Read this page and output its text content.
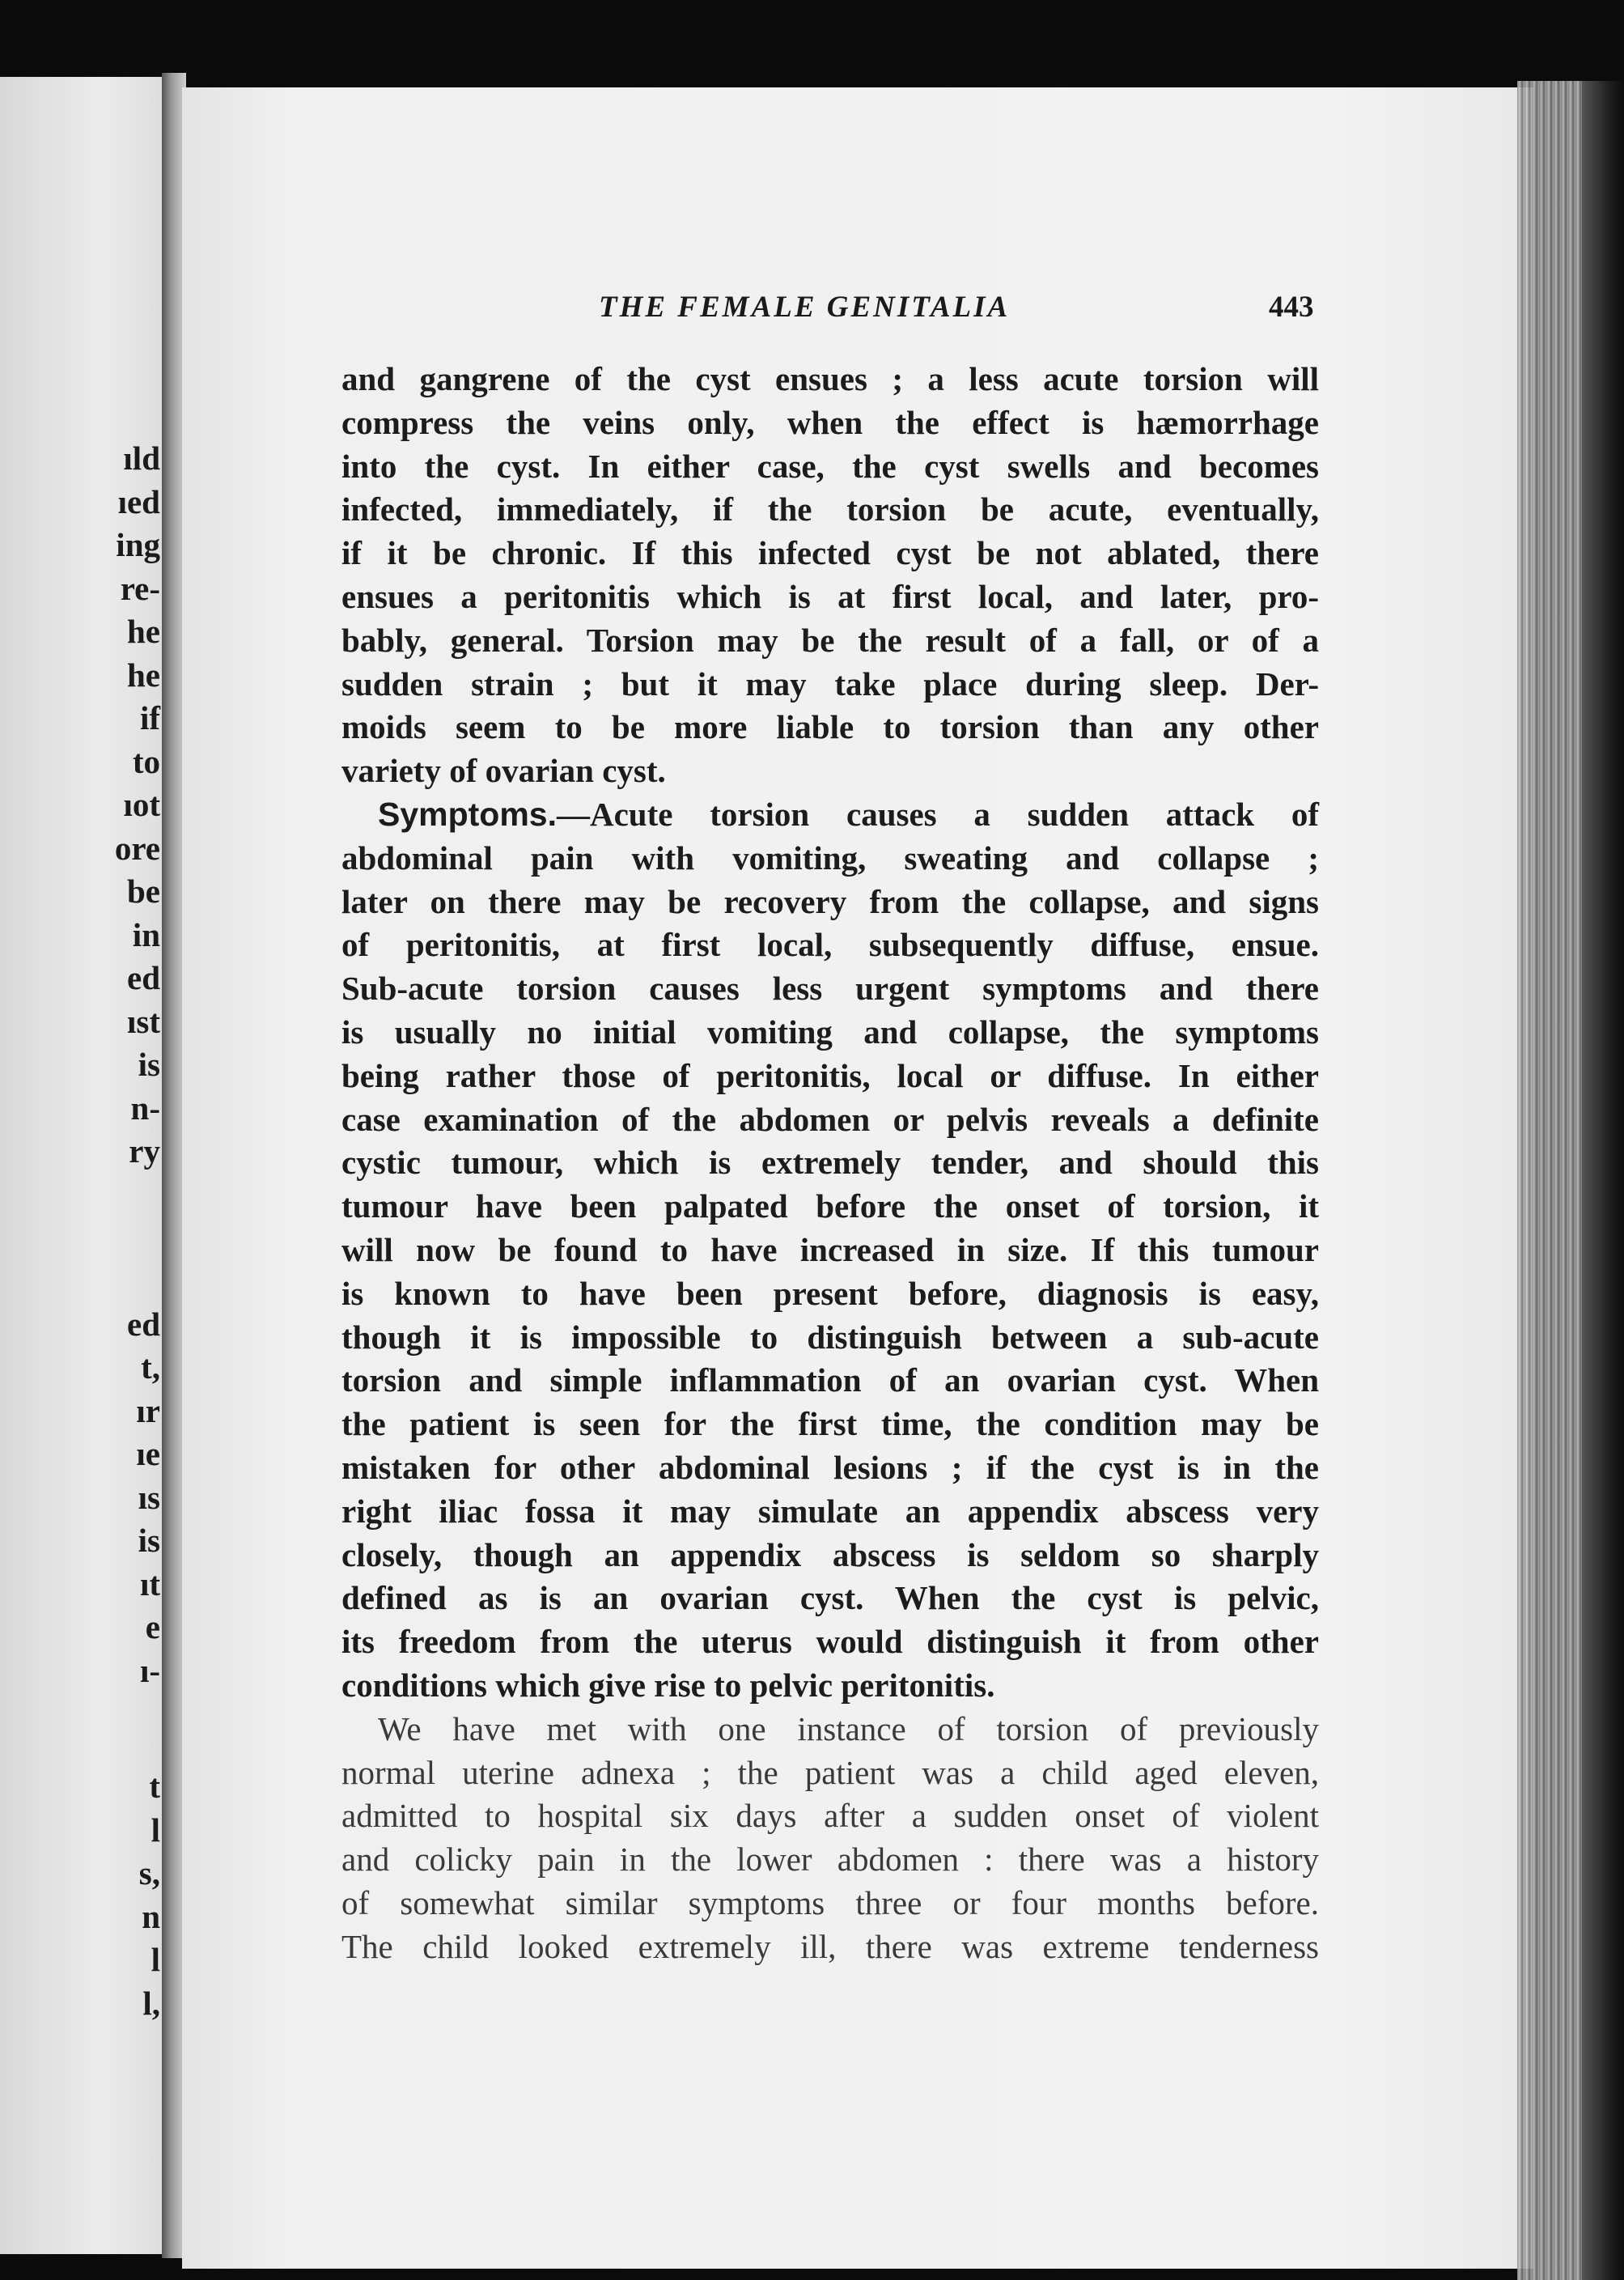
ıld
ıed
ing
re-
he
he
if
to
ıot
ore
be
in
ed
ıst
is
n-
ry
ed
t,
ır
ıe
ıs
is
ıt
e
ı-
t
l
s,
n
l
l,
THE FEMALE GENITALIA	443
and gangrene of the cyst ensues ; a less acute torsion will
compress the veins only, when the effect is hæmorrhage
into the cyst. In either case, the cyst swells and becomes
infected, immediately, if the torsion be acute, eventually,
if it be chronic. If this infected cyst be not ablated, there
ensues a peritonitis which is at first local, and later, pro-
bably, general. Torsion may be the result of a fall, or of a
sudden strain ; but it may take place during sleep. Der-
moids seem to be more liable to torsion than any other
variety of ovarian cyst.
Symptoms.—Acute torsion causes a sudden attack of
abdominal pain with vomiting, sweating and collapse ;
later on there may be recovery from the collapse, and signs
of peritonitis, at first local, subsequently diffuse, ensue.
Sub-acute torsion causes less urgent symptoms and there
is usually no initial vomiting and collapse, the symptoms
being rather those of peritonitis, local or diffuse. In either
case examination of the abdomen or pelvis reveals a definite
cystic tumour, which is extremely tender, and should this
tumour have been palpated before the onset of torsion, it
will now be found to have increased in size. If this tumour
is known to have been present before, diagnosis is easy,
though it is impossible to distinguish between a sub-acute
torsion and simple inflammation of an ovarian cyst. When
the patient is seen for the first time, the condition may be
mistaken for other abdominal lesions ; if the cyst is in the
right iliac fossa it may simulate an appendix abscess very
closely, though an appendix abscess is seldom so sharply
defined as is an ovarian cyst. When the cyst is pelvic,
its freedom from the uterus would distinguish it from other
conditions which give rise to pelvic peritonitis.
We have met with one instance of torsion of previously
normal uterine adnexa ; the patient was a child aged eleven,
admitted to hospital six days after a sudden onset of violent
and colicky pain in the lower abdomen : there was a history
of somewhat similar symptoms three or four months before.
The child looked extremely ill, there was extreme tenderness
